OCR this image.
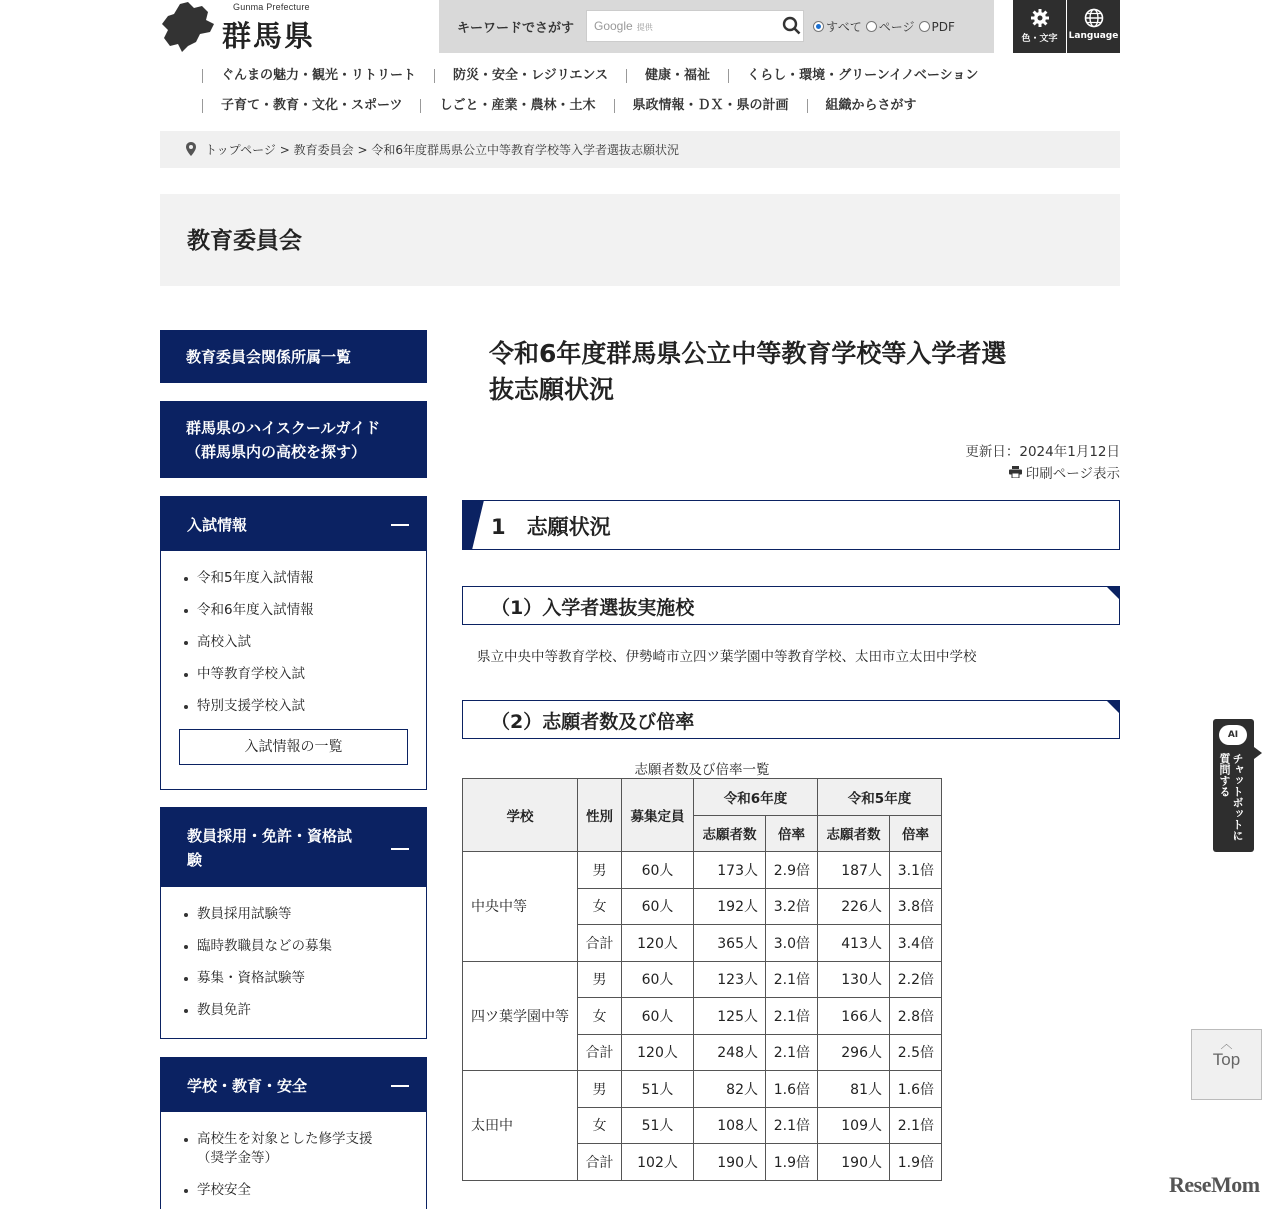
Gunma Prefecture
群馬県	キーワードでさがす Google 提供	すべて	ページ	PDF
色・文字	Language
ぐんまの魅力・観光・リトリート	防災・安全・レジリエンス	健康・福祉	くらし・環境・グリーンイノベーション
子育て・教育・文化・スポーツ	しごと・産業・農林・土木	県政情報・ＤＸ・県の計画	組織からさがす
トップページ > 教育委員会 > 令和6年度群馬県公立中等教育学校等入学者選抜志願状況
教育委員会
教育委員会関係所属一覧
群馬県のハイスクールガイド
（群馬県内の高校を探す）
入試情報
令和5年度入試情報
令和6年度入試情報
高校入試
中等教育学校入試
特別支援学校入試
入試情報の一覧
教員採用・免許・資格試
験
教員採用試験等
臨時教職員などの募集
募集・資格試験等
教員免許
学校・教育・安全
高校生を対象とした修学支援
（奨学金等）
学校安全
令和6年度群馬県公立中等教育学校等入学者選
抜志願状況
更新日：2024年1月12日
印刷ページ表示
1　志願状況
（1）入学者選抜実施校

県立中央中等教育学校、伊勢崎市立四ツ葉学園中等教育学校、太田市立太田中学校

（2）志願者数及び倍率
志願者数及び倍率一覧
学校	性別	募集定員	令和6年度		令和5年度	
			志願者数	倍率	志願者数	倍率
中央中等	男	60人	173人	2.9倍	187人	3.1倍
	女	60人	192人	3.2倍	226人	3.8倍
	合計	120人	365人	3.0倍	413人	3.4倍
四ツ葉学園中等	男	60人	123人	2.1倍	130人	2.2倍
	女	60人	125人	2.1倍	166人	2.8倍
	合計	120人	248人	2.1倍	296人	2.5倍
太田中	男	51人	82人	1.6倍	81人	1.6倍
	女	51人	108人	2.1倍	109人	2.1倍
	合計	102人	190人	1.9倍	190人	1.9倍
AI
チャットボットに質問する
︿
Top
ReseMom
